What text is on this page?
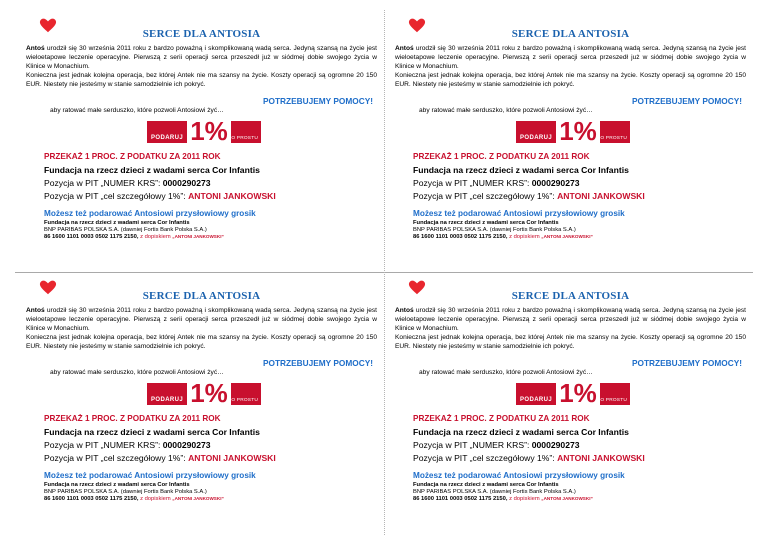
SERCE DLA ANTOSIA

Antoś urodził się 30 września 2011 roku z bardzo poważną i skomplikowaną wadą serca. Jedyną szansą na życie jest wieloetapowe leczenie operacyjne. Pierwszą z serii operacji serca przeszedł już w siódmej dobie swojego życia w Klinice w Monachium.

Konieczna jest jednak kolejna operacja, bez której Antek nie ma szansy na życie. Koszty operacji są ogromne 20 150 EUR. Niestety nie jesteśmy w stanie samodzielnie ich pokryć.

POTRZEBUJEMY POMOCY!
aby ratować małe serduszko, które pozwoli Antosiowi żyć…
PODARUJ 1% PO PROSTU
PRZEKAŻ 1 PROC. Z PODATKU ZA 2011 ROK
Fundacja na rzecz dzieci z wadami serca Cor Infantis
Pozycja w PIT „NUMER KRS”: 0000290273
Pozycja w PIT „cel szczegółowy 1%”: ANTONI JANKOWSKI
Możesz też podarować Antosiowi przysłowiowy grosik
Fundacja na rzecz dzieci z wadami serca Cor Infantis
BNP PARIBAS POLSKA S.A. (dawniej Fortis Bank Polska S.A.)
86 1600 1101 0003 0502 1175 2150, z dopiskiem „ANTONI JANKOWSKI”
SERCE DLA ANTOSIA

Antoś urodził się 30 września 2011 roku z bardzo poważną i skomplikowaną wadą serca. Jedyną szansą na życie jest wieloetapowe leczenie operacyjne. Pierwszą z serii operacji serca przeszedł już w siódmej dobie swojego życia w Klinice w Monachium.

Konieczna jest jednak kolejna operacja, bez której Antek nie ma szansy na życie. Koszty operacji są ogromne 20 150 EUR. Niestety nie jesteśmy w stanie samodzielnie ich pokryć.

POTRZEBUJEMY POMOCY!
aby ratować małe serduszko, które pozwoli Antosiowi żyć…
PODARUJ 1% PO PROSTU
PRZEKAŻ 1 PROC. Z PODATKU ZA 2011 ROK
Fundacja na rzecz dzieci z wadami serca Cor Infantis
Pozycja w PIT „NUMER KRS”: 0000290273
Pozycja w PIT „cel szczegółowy 1%”: ANTONI JANKOWSKI
Możesz też podarować Antosiowi przysłowiowy grosik
Fundacja na rzecz dzieci z wadami serca Cor Infantis
BNP PARIBAS POLSKA S.A. (dawniej Fortis Bank Polska S.A.)
86 1600 1101 0003 0502 1175 2150, z dopiskiem „ANTONI JANKOWSKI”
SERCE DLA ANTOSIA

Antoś urodził się 30 września 2011 roku z bardzo poważną i skomplikowaną wadą serca. Jedyną szansą na życie jest wieloetapowe leczenie operacyjne. Pierwszą z serii operacji serca przeszedł już w siódmej dobie swojego życia w Klinice w Monachium.

Konieczna jest jednak kolejna operacja, bez której Antek nie ma szansy na życie. Koszty operacji są ogromne 20 150 EUR. Niestety nie jesteśmy w stanie samodzielnie ich pokryć.

POTRZEBUJEMY POMOCY!
aby ratować małe serduszko, które pozwoli Antosiowi żyć…
PODARUJ 1% PO PROSTU
PRZEKAŻ 1 PROC. Z PODATKU ZA 2011 ROK
Fundacja na rzecz dzieci z wadami serca Cor Infantis
Pozycja w PIT „NUMER KRS”: 0000290273
Pozycja w PIT „cel szczegółowy 1%”: ANTONI JANKOWSKI
Możesz też podarować Antosiowi przysłowiowy grosik
Fundacja na rzecz dzieci z wadami serca Cor Infantis
BNP PARIBAS POLSKA S.A. (dawniej Fortis Bank Polska S.A.)
86 1600 1101 0003 0502 1175 2150, z dopiskiem „ANTONI JANKOWSKI”
SERCE DLA ANTOSIA

Antoś urodził się 30 września 2011 roku z bardzo poważną i skomplikowaną wadą serca. Jedyną szansą na życie jest wieloetapowe leczenie operacyjne. Pierwszą z serii operacji serca przeszedł już w siódmej dobie swojego życia w Klinice w Monachium.

Konieczna jest jednak kolejna operacja, bez której Antek nie ma szansy na życie. Koszty operacji są ogromne 20 150 EUR. Niestety nie jesteśmy w stanie samodzielnie ich pokryć.

POTRZEBUJEMY POMOCY!
aby ratować małe serduszko, które pozwoli Antosiowi żyć…
PODARUJ 1% PO PROSTU
PRZEKAŻ 1 PROC. Z PODATKU ZA 2011 ROK
Fundacja na rzecz dzieci z wadami serca Cor Infantis
Pozycja w PIT „NUMER KRS”: 0000290273
Pozycja w PIT „cel szczegółowy 1%”: ANTONI JANKOWSKI
Możesz też podarować Antosiowi przysłowiowy grosik
Fundacja na rzecz dzieci z wadami serca Cor Infantis
BNP PARIBAS POLSKA S.A. (dawniej Fortis Bank Polska S.A.)
86 1600 1101 0003 0502 1175 2150, z dopiskiem „ANTONI JANKOWSKI”
